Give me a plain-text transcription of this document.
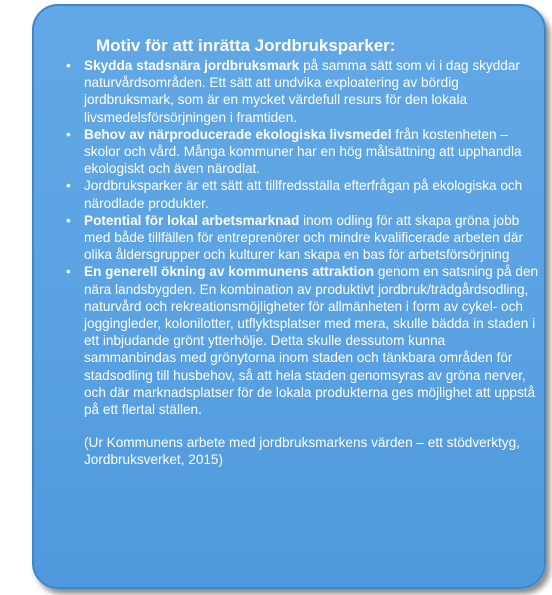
Motiv för att inrätta Jordbruksparker:
• Skydda stadsnära jordbruksmark på samma sätt som vi i dag skyddar naturvårdsområden. Ett sätt att undvika exploatering av bördig jordbruksmark, som är en mycket värdefull resurs för den lokala livsmedelsförsörjningen i framtiden.
• Behov av närproducerade ekologiska livsmedel från kostenheten – skolor och vård. Många kommuner har en hög målsättning att upphandla ekologiskt och även närodlat.
• Jordbruksparker är ett sätt att tillfredsställa efterfrågan på ekologiska och närodlade produkter.
• Potential för lokal arbetsmarknad inom odling för att skapa gröna jobb med både tillfällen för entreprenörer och mindre kvalificerade arbeten där olika åldersgrupper och kulturer kan skapa en bas för arbetsförsörjning
• En generell ökning av kommunens attraktion genom en satsning på den nära landsbygden. En kombination av produktivt jordbruk/trädgårdsodling, naturvård och rekreationsmöjligheter för allmänheten i form av cykel- och joggingleder, kolonilotter, utflyktsplatser med mera, skulle bädda in staden i ett inbjudande grönt ytterhölje. Detta skulle dessutom kunna sammanbindas med grönytorna inom staden och tänkbara områden för stadsodling till husbehov, så att hela staden genomsyras av gröna nerver, och där marknadsplatser för de lokala produkterna ges möjlighet att uppstå på ett flertal ställen.
(Ur Kommunens arbete med jordbruksmarkens värden – ett stödverktyg, Jordbruksverket, 2015)
